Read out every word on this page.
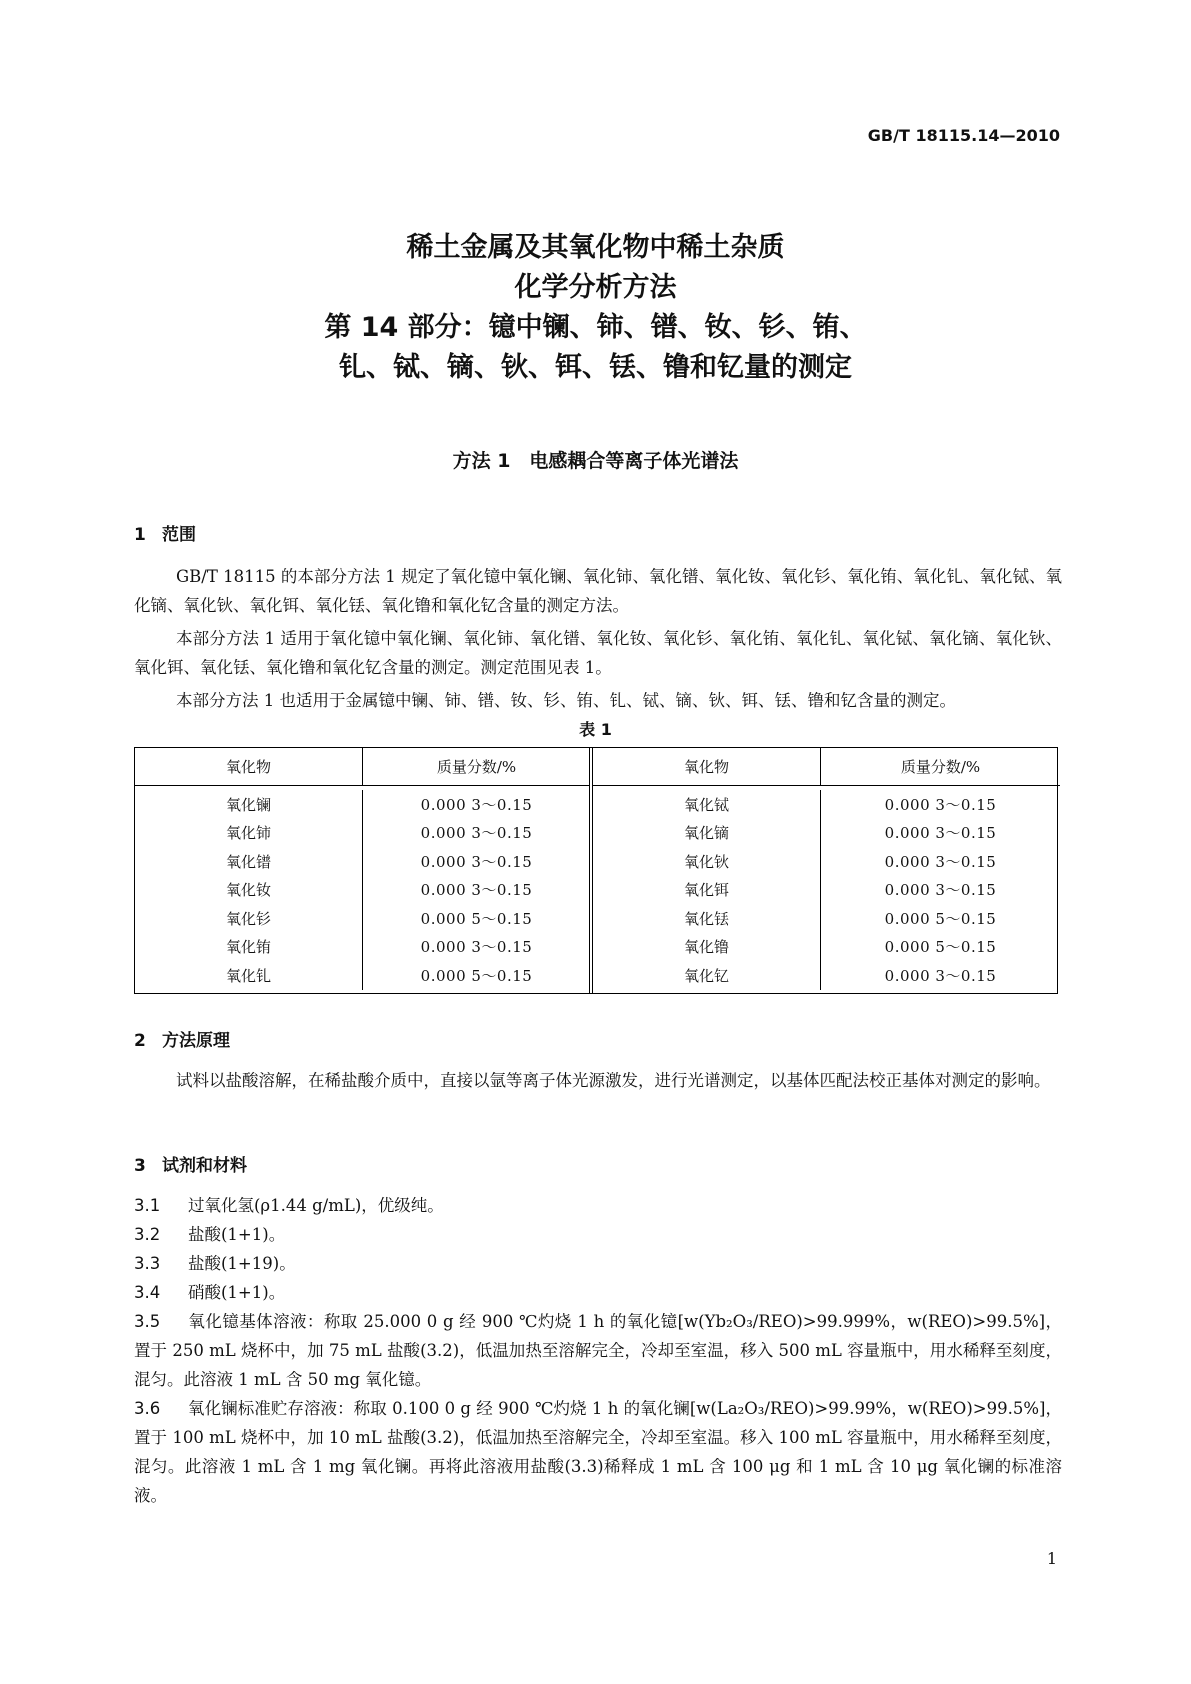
GB/T 18115.14—2010
稀土金属及其氧化物中稀土杂质
化学分析方法
第 14 部分：镱中镧、铈、镨、钕、钐、铕、
钆、铽、镝、钬、铒、铥、镥和钇量的测定
方法 1　电感耦合等离子体光谱法
1 范围
GB/T 18115 的本部分方法 1 规定了氧化镱中氧化镧、氧化铈、氧化镨、氧化钕、氧化钐、氧化铕、氧化钆、氧化铽、氧化镝、氧化钬、氧化铒、氧化铥、氧化镥和氧化钇含量的测定方法。
本部分方法 1 适用于氧化镱中氧化镧、氧化铈、氧化镨、氧化钕、氧化钐、氧化铕、氧化钆、氧化铽、氧化镝、氧化钬、氧化铒、氧化铥、氧化镥和氧化钇含量的测定。测定范围见表 1。
本部分方法 1 也适用于金属镱中镧、铈、镨、钕、钐、铕、钆、铽、镝、钬、铒、铥、镥和钇含量的测定。
表 1
氧化物	质量分数/%
氧化镧	0.000 3～0.15
氧化铈	0.000 3～0.15
氧化镨	0.000 3～0.15
氧化钕	0.000 3～0.15
氧化钐	0.000 5～0.15
氧化铕	0.000 3～0.15
氧化钆	0.000 5～0.15
氧化物	质量分数/%
氧化铽	0.000 3～0.15
氧化镝	0.000 3～0.15
氧化钬	0.000 3～0.15
氧化铒	0.000 3～0.15
氧化铥	0.000 5～0.15
氧化镥	0.000 5～0.15
氧化钇	0.000 3～0.15
2 方法原理
试料以盐酸溶解，在稀盐酸介质中，直接以氩等离子体光源激发，进行光谱测定，以基体匹配法校正基体对测定的影响。
3 试剂和材料
3.1 过氧化氢(ρ1.44 g/mL)，优级纯。
3.2 盐酸(1+1)。
3.3 盐酸(1+19)。
3.4 硝酸(1+1)。
3.5 氧化镱基体溶液：称取 25.000 0 g 经 900 ℃灼烧 1 h 的氧化镱[w(Yb₂O₃/REO)>99.999%，w(REO)>99.5%]，置于 250 mL 烧杯中，加 75 mL 盐酸(3.2)，低温加热至溶解完全，冷却至室温，移入 500 mL 容量瓶中，用水稀释至刻度，混匀。此溶液 1 mL 含 50 mg 氧化镱。
3.6 氧化镧标准贮存溶液：称取 0.100 0 g 经 900 ℃灼烧 1 h 的氧化镧[w(La₂O₃/REO)>99.99%，w(REO)>99.5%]，置于 100 mL 烧杯中，加 10 mL 盐酸(3.2)，低温加热至溶解完全，冷却至室温。移入 100 mL 容量瓶中，用水稀释至刻度，混匀。此溶液 1 mL 含 1 mg 氧化镧。再将此溶液用盐酸(3.3)稀释成 1 mL 含 100 μg 和 1 mL 含 10 μg 氧化镧的标准溶液。
1
